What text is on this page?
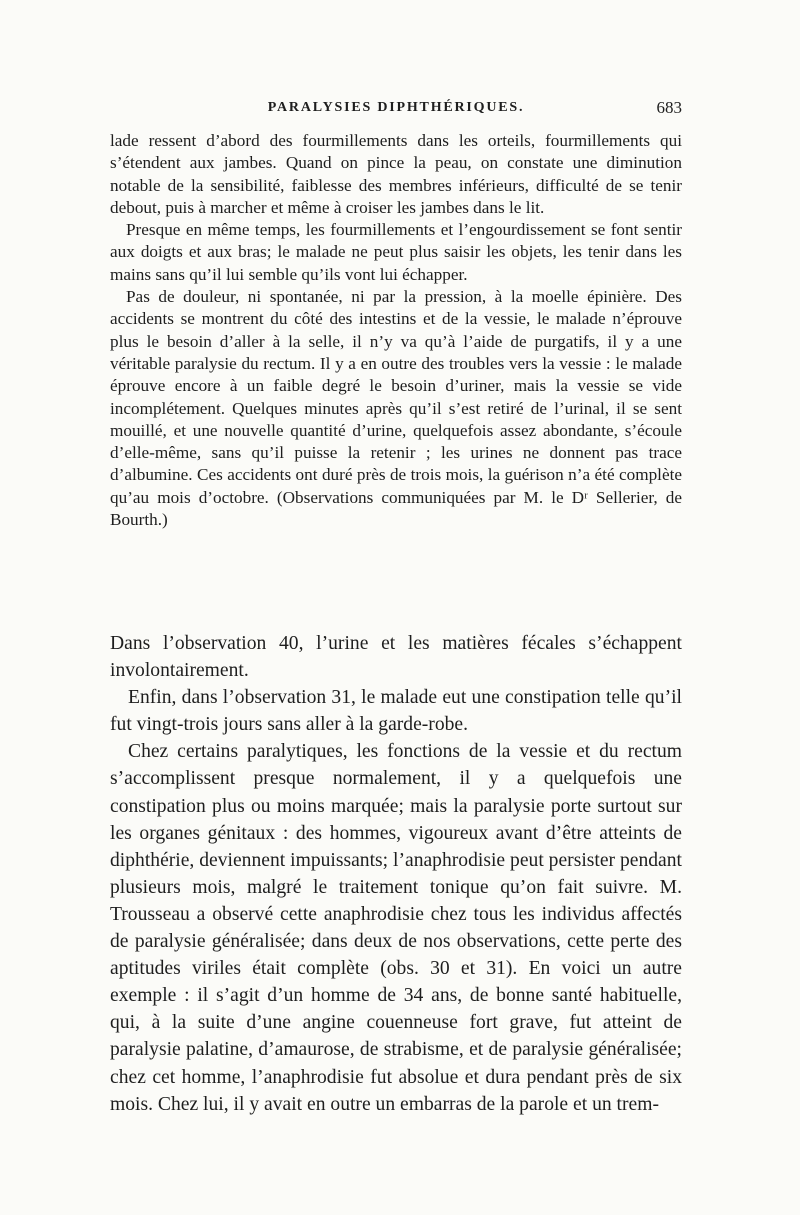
PARALYSIES DIPHTHÉRIQUES.	683

lade ressent d’abord des fourmillements dans les orteils, fourmillements qui s’étendent aux jambes. Quand on pince la peau, on constate une diminution notable de la sensibilité, faiblesse des membres inférieurs, difficulté de se tenir debout, puis à marcher et même à croiser les jambes dans le lit.

Presque en même temps, les fourmillements et l’engourdissement se font sentir aux doigts et aux bras; le malade ne peut plus saisir les objets, les tenir dans les mains sans qu’il lui semble qu’ils vont lui échapper.

Pas de douleur, ni spontanée, ni par la pression, à la moelle épinière. Des accidents se montrent du côté des intestins et de la vessie, le malade n’éprouve plus le besoin d’aller à la selle, il n’y va qu’à l’aide de purgatifs, il y a une véritable paralysie du rectum. Il y a en outre des troubles vers la vessie : le malade éprouve encore à un faible degré le besoin d’uriner, mais la vessie se vide incomplétement. Quelques minutes après qu’il s’est retiré de l’urinal, il se sent mouillé, et une nouvelle quantité d’urine, quelquefois assez abondante, s’écoule d’elle-même, sans qu’il puisse la retenir ; les urines ne donnent pas trace d’albumine. Ces accidents ont duré près de trois mois, la guérison n’a été complète qu’au mois d’octobre. (Observations communiquées par M. le Dʳ Sellerier, de Bourth.)

Dans l’observation 40, l’urine et les matières fécales s’échappent involontairement.

Enfin, dans l’observation 31, le malade eut une constipation telle qu’il fut vingt-trois jours sans aller à la garde-robe.

Chez certains paralytiques, les fonctions de la vessie et du rectum s’accomplissent presque normalement, il y a quelquefois une constipation plus ou moins marquée; mais la paralysie porte surtout sur les organes génitaux : des hommes, vigoureux avant d’être atteints de diphthérie, deviennent impuissants; l’anaphrodisie peut persister pendant plusieurs mois, malgré le traitement tonique qu’on fait suivre. M. Trousseau a observé cette anaphrodisie chez tous les individus affectés de paralysie généralisée; dans deux de nos observations, cette perte des aptitudes viriles était complète (obs. 30 et 31). En voici un autre exemple : il s’agit d’un homme de 34 ans, de bonne santé habituelle, qui, à la suite d’une angine couenneuse fort grave, fut atteint de paralysie palatine, d’amaurose, de strabisme, et de paralysie généralisée; chez cet homme, l’anaphrodisie fut absolue et dura pendant près de six mois. Chez lui, il y avait en outre un embarras de la parole et un trem-
